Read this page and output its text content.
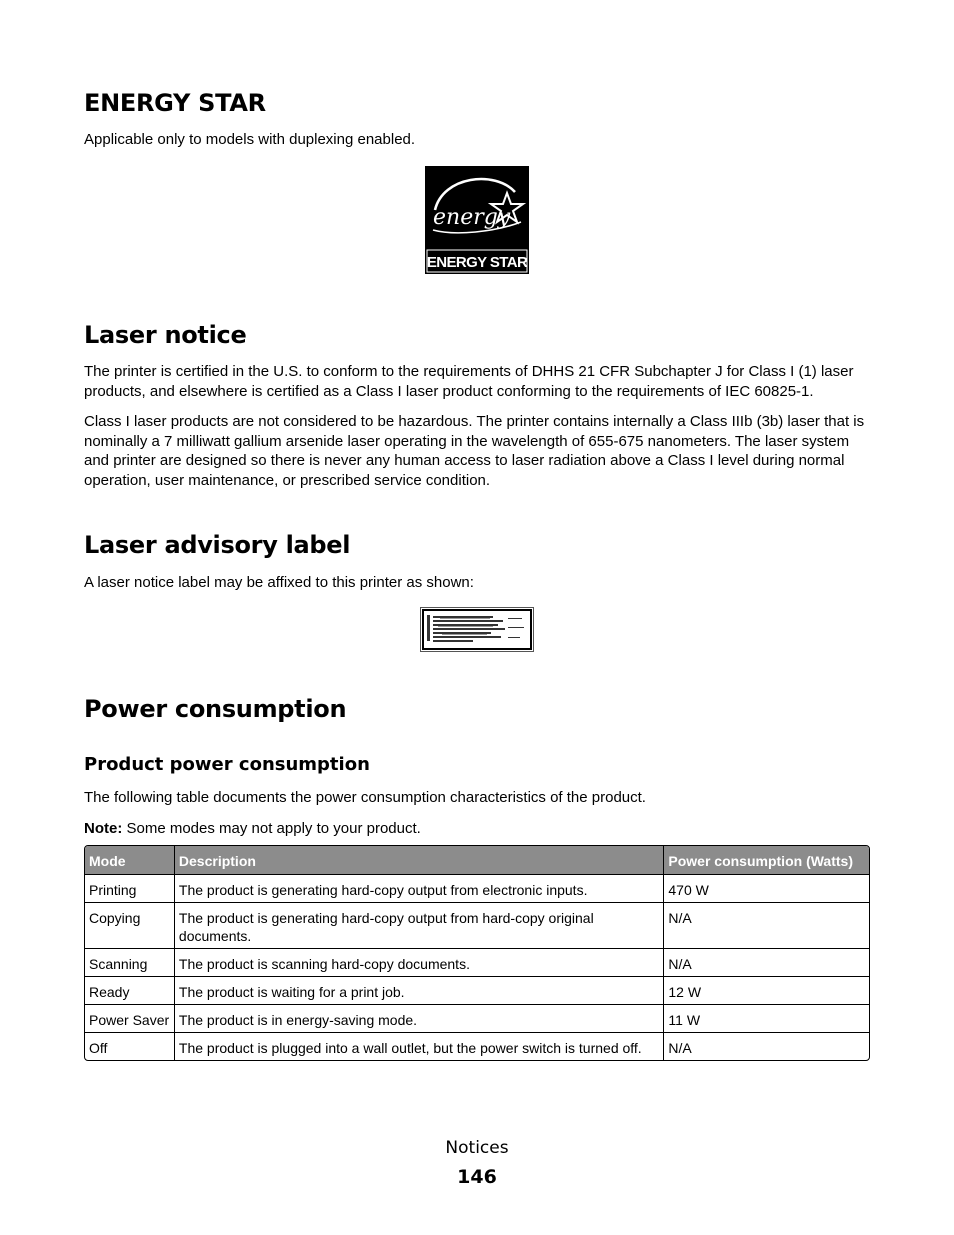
ENERGY STAR

Applicable only to models with duplexing enabled.

energy
ENERGY STAR
Laser notice

The printer is certified in the U.S. to conform to the requirements of DHHS 21 CFR Subchapter J for Class I (1) laser products, and elsewhere is certified as a Class I laser product conforming to the requirements of IEC 60825-1.

Class I laser products are not considered to be hazardous. The printer contains internally a Class IIIb (3b) laser that is nominally a 7 milliwatt gallium arsenide laser operating in the wavelength of 655-675 nanometers. The laser system and printer are designed so there is never any human access to laser radiation above a Class I level during normal operation, user maintenance, or prescribed service condition.

Laser advisory label

A laser notice label may be affixed to this printer as shown:

Power consumption
Product power consumption

The following table documents the power consumption characteristics of the product.

Note: Some modes may not apply to your product.

Mode	Description	Power consumption (Watts)
Printing	The product is generating hard-copy output from electronic inputs.	470 W
Copying	The product is generating hard-copy output from hard-copy original documents.	N/A
Scanning	The product is scanning hard-copy documents.	N/A
Ready	The product is waiting for a print job.	12 W
Power Saver	The product is in energy-saving mode.	11 W
Off	The product is plugged into a wall outlet, but the power switch is turned off.	N/A
Notices
146
